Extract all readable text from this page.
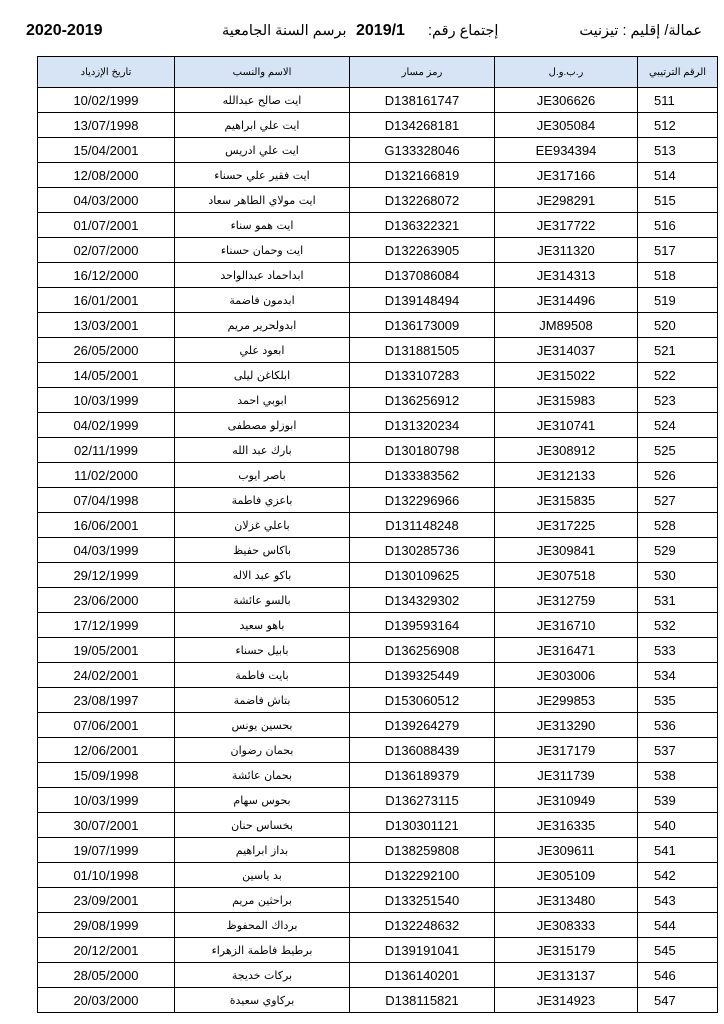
2020-2019	برسم السنة الجامعية 2019/1 إجتماع رقم:	عمالة/ إقليم : تيزنيت
تاريخ الإزدياد	الاسم والنسب	رمز مسار	ر.ب.و.ل	الرقم الترتيبي
10/02/1999	ايت صالح عبدالله	D138161747	JE306626	511
13/07/1998	ايت علي ابراهيم	D134268181	JE305084	512
15/04/2001	ايت علي ادريس	G133328046	EE934394	513
12/08/2000	ايت فقير علي حسناء	D132166819	JE317166	514
04/03/2000	ايت مولاي الطاهر سعاد	D132268072	JE298291	515
01/07/2001	ايت همو سناء	D136322321	JE317722	516
02/07/2000	ايت وحمان حسناء	D132263905	JE311320	517
16/12/2000	ابداحماد عبدالواحد	D137086084	JE314313	518
16/01/2001	ابدمون فاضمة	D139148494	JE314496	519
13/03/2001	ابدولحرير مريم	D136173009	JM89508	520
26/05/2000	ابعود علي	D131881505	JE314037	521
14/05/2001	ابلكاغن ليلى	D133107283	JE315022	522
10/03/1999	ابوبي احمد	D136256912	JE315983	523
04/02/1999	ابوزلو مصطفى	D131320234	JE310741	524
02/11/1999	بارك عبد الله	D130180798	JE308912	525
11/02/2000	باصر ايوب	D133383562	JE312133	526
07/04/1998	باعزي فاطمة	D132296966	JE315835	527
16/06/2001	باعلي غزلان	D131148248	JE317225	528
04/03/1999	باكاس حفيظ	D130285736	JE309841	529
29/12/1999	باكو عبد الاله	D130109625	JE307518	530
23/06/2000	بالسو عائشة	D134329302	JE312759	531
17/12/1999	باهو سعيد	D139593164	JE316710	532
19/05/2001	بابيل حسناء	D136256908	JE316471	533
24/02/2001	بايت فاطمة	D139325449	JE303006	534
23/08/1997	بتاش فاضمة	D153060512	JE299853	535
07/06/2001	بحسين يونس	D139264279	JE313290	536
12/06/2001	بحمان رضوان	D136088439	JE317179	537
15/09/1998	بحمان عائشة	D136189379	JE311739	538
10/03/1999	بحوس سهام	D136273115	JE310949	539
30/07/2001	بخساس حنان	D130301121	JE316335	540
19/07/1999	بداز ابراهيم	D138259808	JE309611	541
01/10/1998	بد ياسين	D132292100	JE305109	542
23/09/2001	براحثين مريم	D133251540	JE313480	543
29/08/1999	برداك المحفوظ	D132248632	JE308333	544
20/12/2001	برطيط فاطمة الزهراء	D139191041	JE315179	545
28/05/2000	بركات خديجة	D136140201	JE313137	546
20/03/2000	بركاوي سعيدة	D138115821	JE314923	547
